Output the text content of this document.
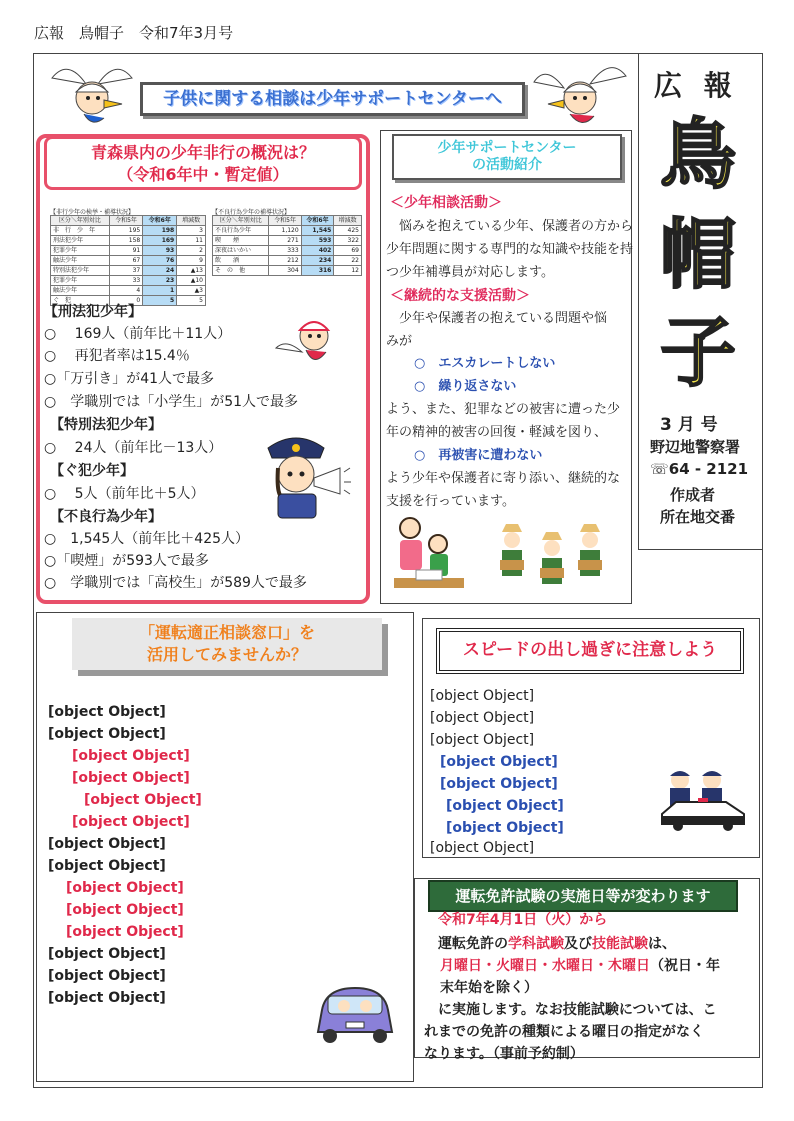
広報　鳥帽子　令和7年3月号
子供に関する相談は少年サポートセンターへ	広 報
鳥
帽
子
3 月 号
野辺地警察署
☏64 - 2121
作成者
所在地交番
青森県内の少年非行の概況は？
（令和6年中・暫定値）
【非行少年の検挙・補導状況】
区分＼年別対比	令和5年	令和6年	増減数
非　行　少　年	195	198	3
刑法犯少年	158	169	11
犯罪少年	91	93	2
触法少年	67	76	9
特別法犯少年	37	24	▲13
犯罪少年	33	23	▲10
触法少年	4	1	▲3
ぐ　犯	0	5	5
【不良行為少年の補導状況】
区分＼年別対比	令和5年	令和6年	増減数
不良行為少年	1,120	1,545	425
喫　　煙	271	593	322
深夜はいかい	333	402	69
飲　　酒	212	234	22
そ　の　他	304	316	12
【刑法犯少年】
○　 169人（前年比＋11人）
○　 再犯者率は15.4％
○「万引き」が41人で最多
○　学職別では「小学生」が51人で最多
【特別法犯少年】
○　 24人（前年比－13人）
【ぐ犯少年】
○　 5人（前年比＋5人）
【不良行為少年】
○　1,545人（前年比＋425人）
○「喫煙」が593人で最多
○　学職別では「高校生」が589人で最多
少年サポートセンター
の活動紹介
＜少年相談活動＞
　悩みを抱えている少年、保護者の方から
少年問題に関する専門的な知識や技能を持
つ少年補導員が対応します。
＜継続的な支援活動＞
　少年や保護者の抱えている問題や悩
みが
○　エスカレートしない
○　繰り返さない
よう、また、犯罪などの被害に遭った少
年の精神的被害の回復・軽減を図り、
○　再被害に遭わない
よう少年や保護者に寄り添い、継続的な
支援を行っています。
「運転適正相談窓口」を
活用してみませんか？
[object Object]
[object Object]
[object Object]
[object Object]
[object Object]
[object Object]
[object Object]
[object Object]
[object Object]
[object Object]
[object Object]
[object Object]
[object Object]
[object Object]
スピードの出し過ぎに注意しよう
[object Object]
[object Object]
[object Object]
[object Object]
[object Object]
[object Object]
[object Object]
[object Object]
運転免許試験の実施日等が変わります
令和7年4月1日（火）から
　運転免許の学科試験及び技能試験は、
月曜日・火曜日・水曜日・木曜日（祝日・年
末年始を除く）
　に実施します。なお技能試験については、こ
れまでの免許の種類による曜日の指定がなく
なります。（事前予約制）
